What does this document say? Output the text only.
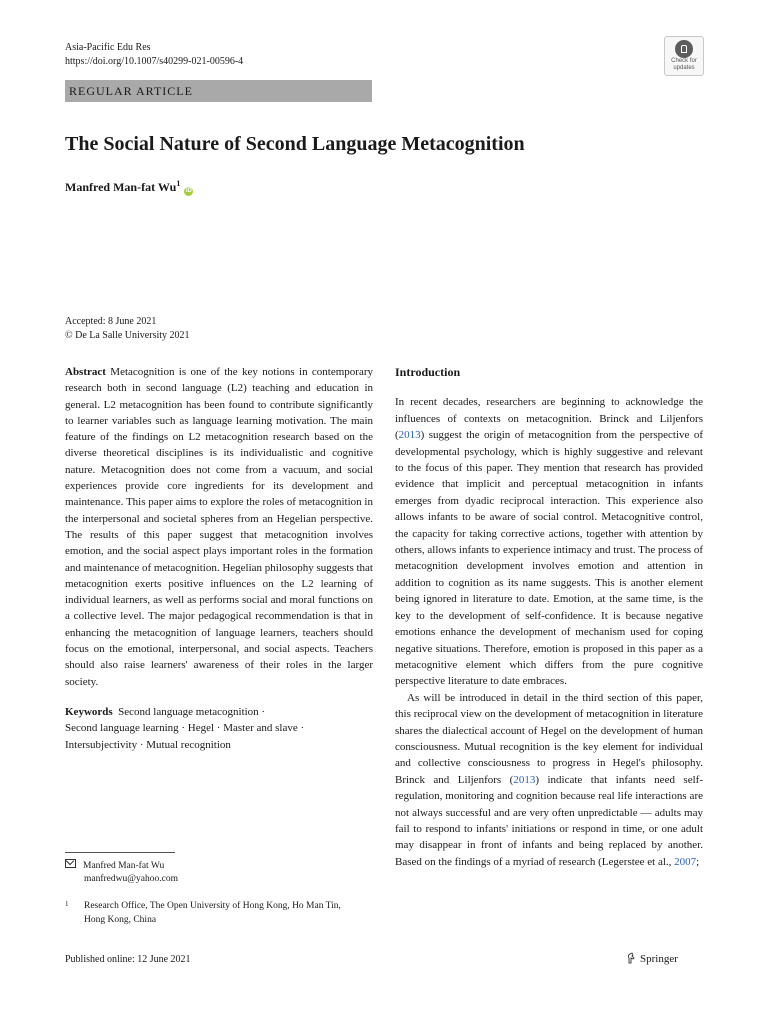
Asia-Pacific Edu Res
https://doi.org/10.1007/s40299-021-00596-4	Check for
updates
REGULAR ARTICLE
The Social Nature of Second Language Metacognition
Manfred Man-fat Wu$^1$ iD
Accepted: 8 June 2021
© De La Salle University 2021

Abstract Metacognition is one of the key notions in contemporary research both in second language (L2) teaching and education in general. L2 metacognition has been found to contribute significantly to learner variables such as language learning motivation. The main feature of the findings on L2 metacognition research based on the diverse theoretical disciplines is its individualistic and cognitive nature. Metacognition does not come from a vacuum, and social experiences provide core ingredients for its development and maintenance. This paper aims to explore the roles of metacognition in the interpersonal and societal spheres from an Hegelian perspective. The results of this paper suggest that metacognition involves emotion, and the social aspect plays important roles in the formation and maintenance of metacognition. Hegelian philosophy suggests that metacognition exerts positive influences on the L2 learning of individual learners, as well as performs social and moral functions on a collective level. The major pedagogical recommendation is that in enhancing the metacognition of language learners, teachers should focus on the emotional, interpersonal, and social aspects. Teachers should also raise learners' awareness of their roles in the larger society.

Keywords Second language metacognition ·
Second language learning · Hegel · Master and slave ·
Intersubjectivity · Mutual recognition
Introduction

In recent decades, researchers are beginning to acknowledge the influences of contexts on metacognition. Brinck and Liljenfors (2013) suggest the origin of metacognition from the perspective of developmental psychology, which is highly suggestive and relevant to the focus of this paper. They mention that research has provided evidence that implicit and perceptual metacognition in infants emerges from dyadic reciprocal interaction. This experience also allows infants to be aware of social control. Metacognitive control, the capacity for taking corrective actions, together with attention by others, allows infants to experience intimacy and trust. The process of metacognition development involves emotion and attention in addition to cognition as its name suggests. This is another element being ignored in literature to date. Emotion, at the same time, is the key to the development of self-confidence. It is because negative emotions enhance the development of mechanism used for coping negative situations. Therefore, emotion is proposed in this paper as a metacognitive element which differs from the pure cognitive perspective literature to date embraces.

As will be introduced in detail in the third section of this paper, this reciprocal view on the development of metacognition in literature shares the dialectical account of Hegel on the development of human consciousness. Mutual recognition is the key element for individual and collective consciousness to progress in Hegel's philosophy. Brinck and Liljenfors (2013) indicate that infants need self-regulation, monitoring and cognition because real life interactions are not always successful and are very often unpredictable — adults may fail to respond to infants' initiations or respond in time, or one adult may disappear in front of infants and being replaced by another. Based on the findings of a myriad of research (Legerstee et al., 2007;

Manfred Man-fat Wu
manfredwu@yahoo.com
1	Research Office, The Open University of Hong Kong, Ho Man Tin, Hong Kong, China
Published online: 12 June 2021	Springer
